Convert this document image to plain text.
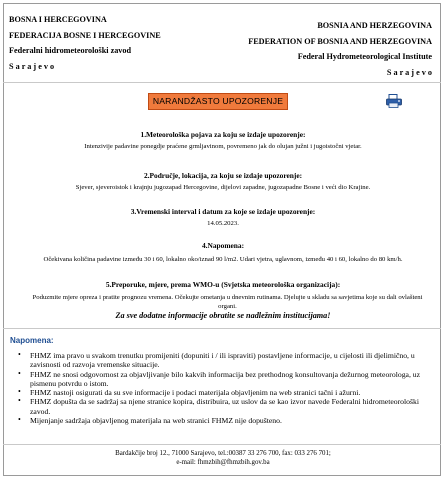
BOSNA I HERCEGOVINA
FEDERACIJA BOSNE I HERCEGOVINE
Federalni hidrometeorološki zavod
S a r a j e v o
BOSNIA AND HERZEGOVINA
FEDERATION OF BOSNIA AND HERZEGOVINA
Federal Hydrometeorological Institute
S a r a j e v o
NARANDŽASTO UPOZORENJE
1.Meteorološka pojava za koju se izdaje upozorenje:
Intenzivije padavine ponegdje praćene grmljavinom, povremeno jak do olujan južni i jugoistočni vjetar.
2.Područje, lokacija, za koju se izdaje upozorenje:
Sjever, sjeveroistok i krajnju jugozapad Hercegovine, dijelovi zapadne, jugozapadne Bosne i veći dio Krajine.
3.Vremenski interval i datum za koje se izdaje upozorenje:
14.05.2023.
4.Napomena:
Očekivana količina padavine između 30 i 60, lokalno oko/iznad 90 l/m2. Udari vjetra, uglavnom, između 40 i 60, lokalno do 80 km/h.
5.Preporuke, mjere, prema WMO-u (Svjetska meteorološka organizacija):
Poduzmite mjere opreza i pratite prognozu vremena. Očekujte ometanja u dnevnim rutinama. Djelujte u skladu sa savjetima koje su dali ovlašteni organi.
Za sve dodatne informacije obratite se nadležnim institucijama!
Napomena:
• FHMZ ima pravo u svakom trenutku promijeniti (dopuniti i / ili ispraviti) postavljene informacije, u cijelosti ili djelimično, u zavisnosti od razvoja vremenske situacije.
• FHMZ ne snosi odgovornost za objavljivanje bilo kakvih informacija bez prethodnog konsultovanja dežurnog meteorologa, uz pismenu potvrdu o istom.
• FHMZ nastoji osigurati da su sve informacije i podaci materijala objavljenim na web stranici tačni i ažurni.
• FHMZ dopušta da se sadržaj sa njene stranice kopira, distribuira, uz uslov da se kao izvor navede Federalni hidrometeorološki zavod.
• Mijenjanje sadržaja objavljenog materijala na web stranici FHMZ nije dopušteno.
Bardakčije broj 12., 71000 Sarajevo, tel.:00387 33 276 700, fax: 033 276 701;
e-mail: fhmzbih@fhmzbih.gov.ba
